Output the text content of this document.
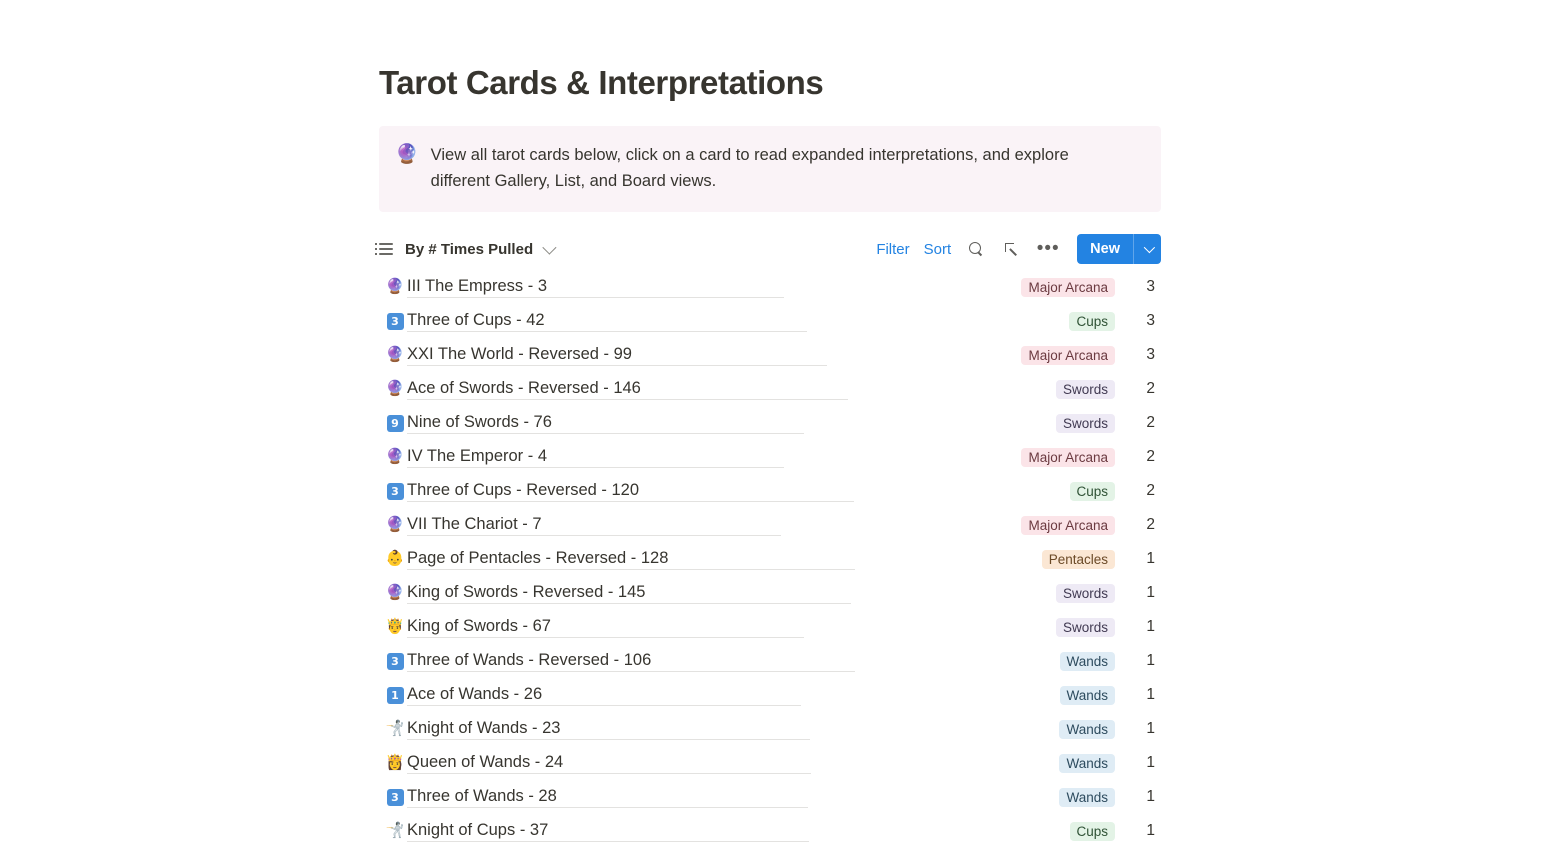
Tarot Cards & Interpretations
🔮 View all tarot cards below, click on a card to read expanded interpretations, and explore different Gallery, List, and Board views.
By # Times Pulled	Filter Sort	•••	New
🔮 III The Empress - 3	Major Arcana	3
3 Three of Cups - 42	Cups	3
🔮 XXI The World - Reversed - 99	Major Arcana	3
🔮 Ace of Swords - Reversed - 146	Swords	2
9 Nine of Swords - 76	Swords	2
🔮 IV The Emperor - 4	Major Arcana	2
3 Three of Cups - Reversed - 120	Cups	2
🔮 VII The Chariot - 7	Major Arcana	2
👶 Page of Pentacles - Reversed - 128	Pentacles	1
🔮 King of Swords - Reversed - 145	Swords	1
🤴 King of Swords - 67	Swords	1
3 Three of Wands - Reversed - 106	Wands	1
1 Ace of Wands - 26	Wands	1
🤺 Knight of Wands - 23	Wands	1
👸 Queen of Wands - 24	Wands	1
3 Three of Wands - 28	Wands	1
🤺 Knight of Cups - 37	Cups	1
